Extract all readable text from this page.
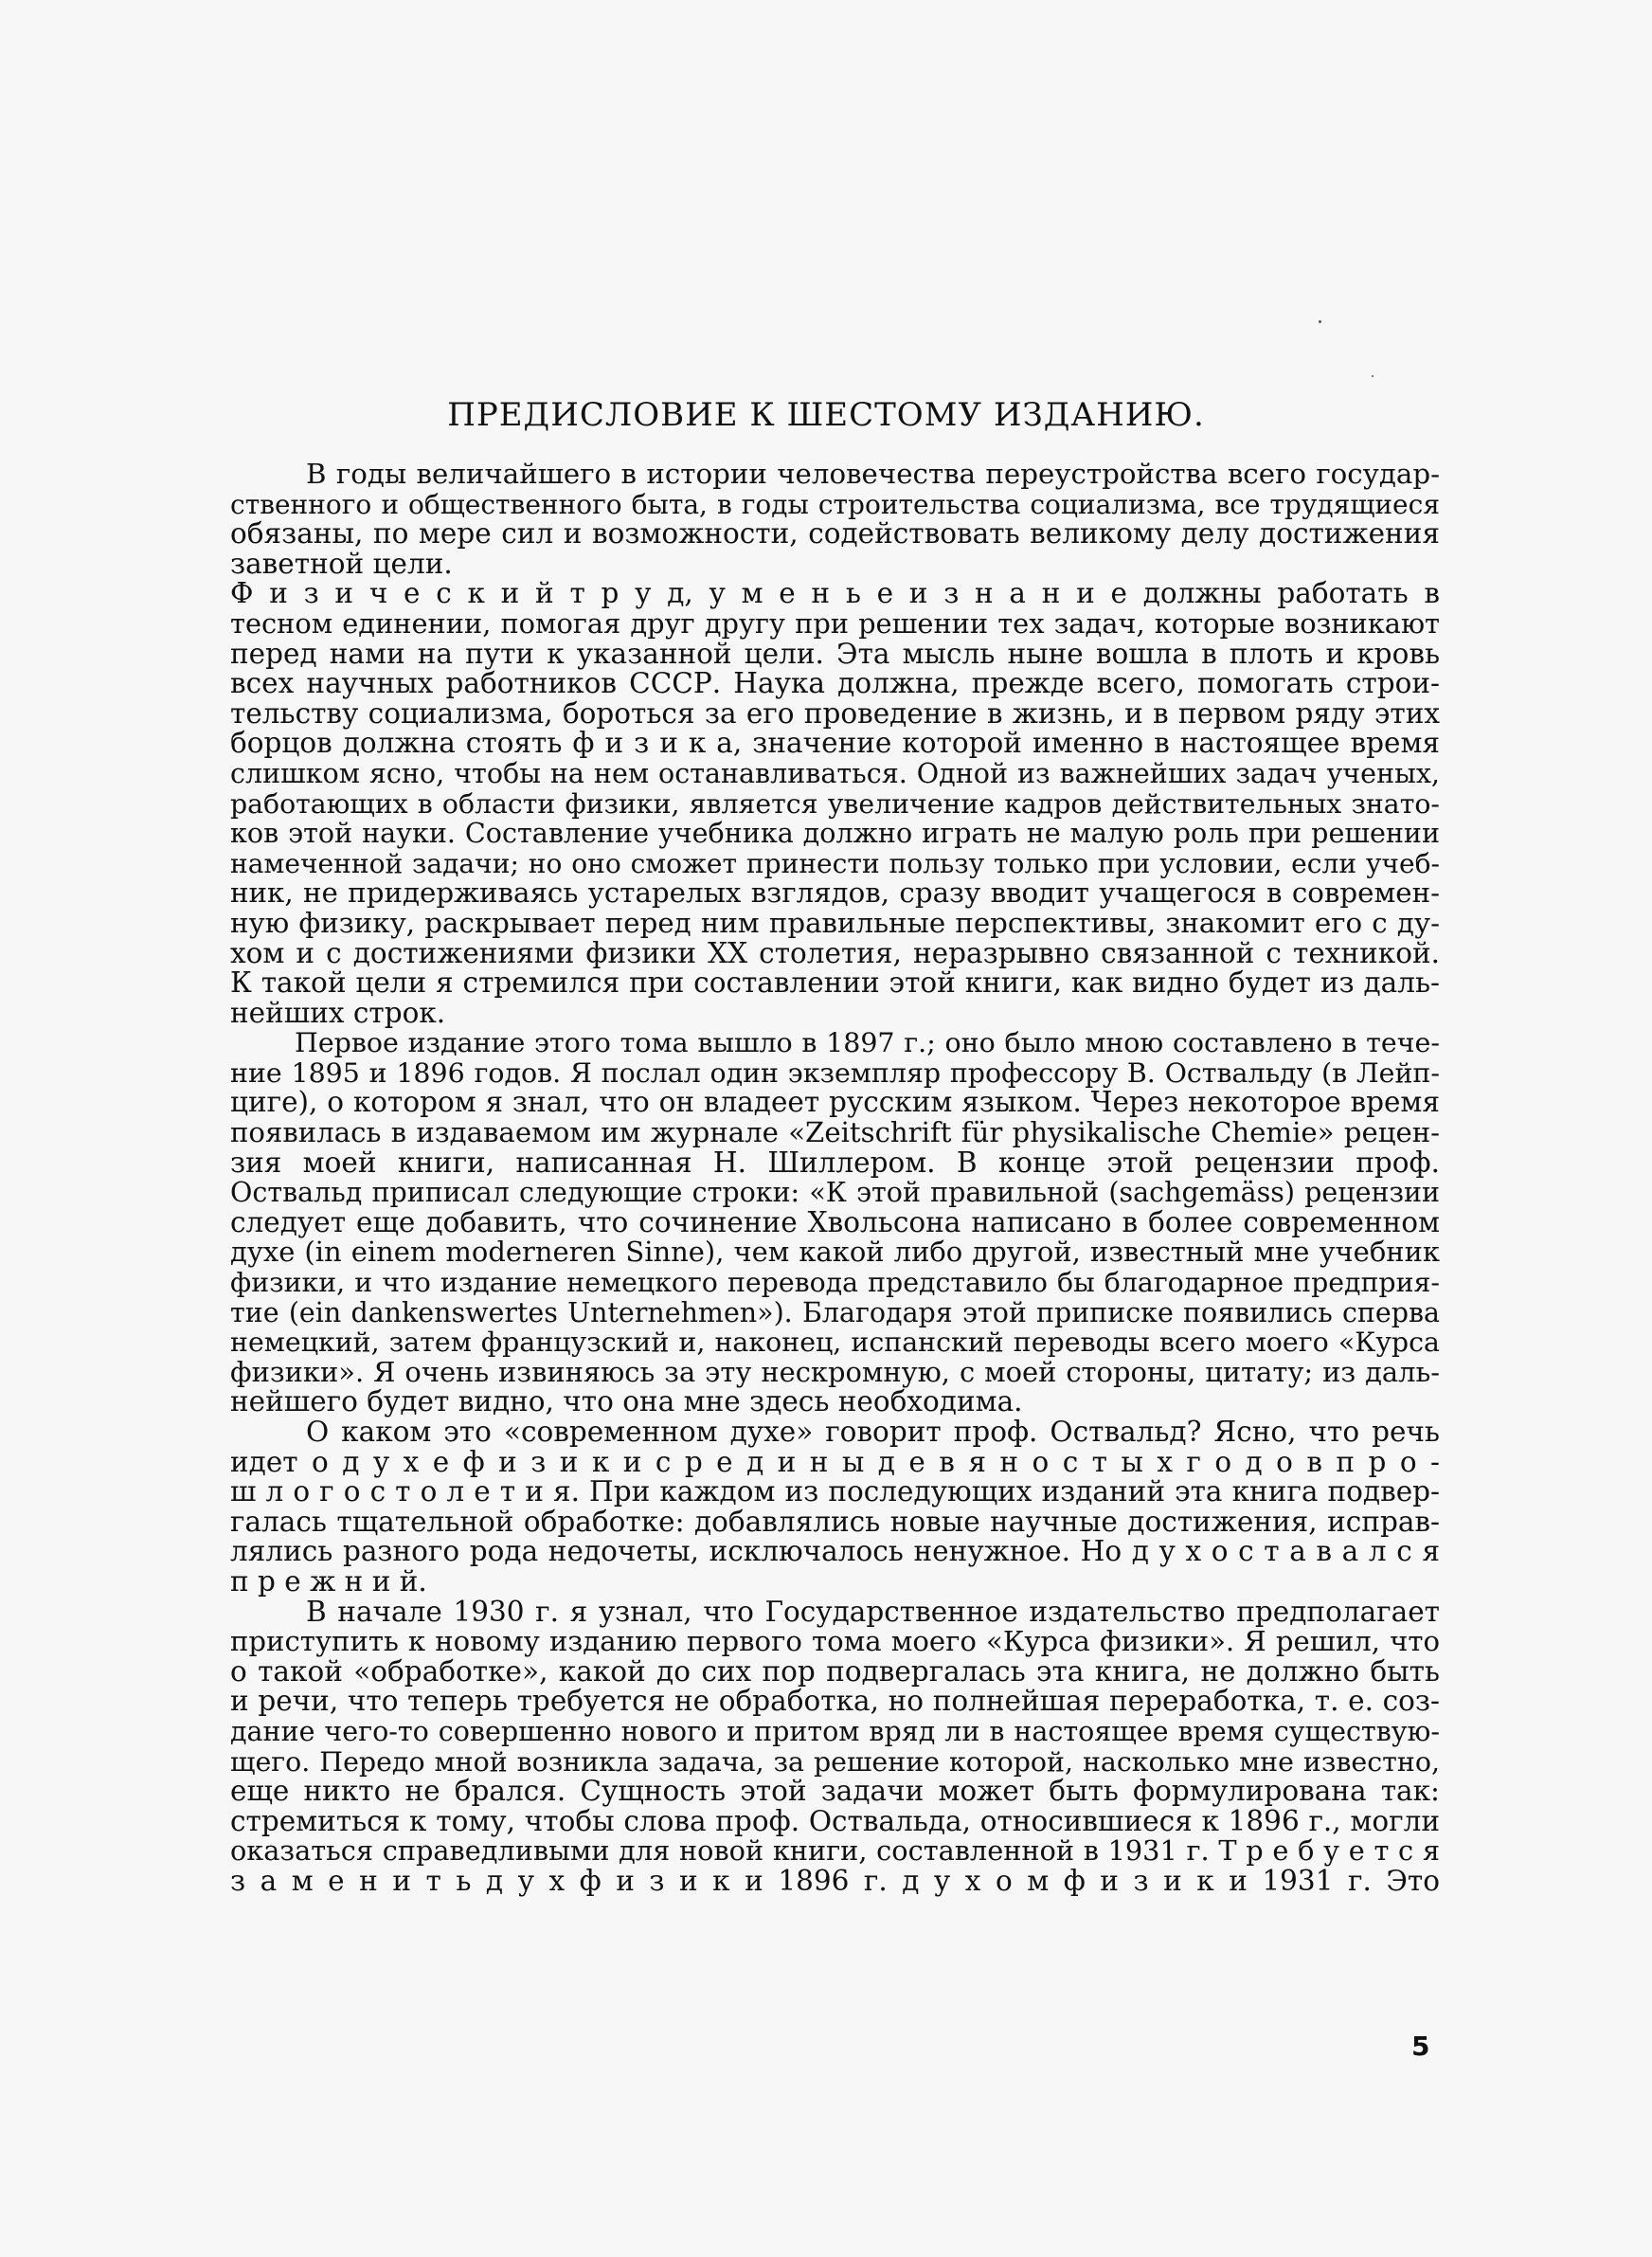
ПРЕДИСЛОВИЕ К ШЕСТОМУ ИЗДАНИЮ.
В годы величайшего в истории человечества переустройства всего государ-
ственного и общественного быта, в годы строительства социализма, все трудящиеся
обязаны, по мере сил и возможности, содействовать великому делу достижения
заветной цели.
Ф и з и ч е с к и й т р у д, у м е н ь е и з н а н и е должны работать в
тесном единении, помогая друг другу при решении тех задач, которые возникают
перед нами на пути к указанной цели. Эта мысль ныне вошла в плоть и кровь
всех научных работников СССР. Наука должна, прежде всего, помогать строи-
тельству социализма, бороться за его проведение в жизнь, и в первом ряду этих
борцов должна стоять ф и з и к а, значение которой именно в настоящее время
слишком ясно, чтобы на нем останавливаться. Одной из важнейших задач ученых,
работающих в области физики, является увеличение кадров действительных знато-
ков этой науки. Составление учебника должно играть не малую роль при решении
намеченной задачи; но оно сможет принести пользу только при условии, если учеб-
ник, не придерживаясь устарелых взглядов, сразу вводит учащегося в современ-
ную физику, раскрывает перед ним правильные перспективы, знакомит его с ду-
хом и с достижениями физики XX столетия, неразрывно связанной с техникой.
К такой цели я стремился при составлении этой книги, как видно будет из даль-
нейших строк.
Первое издание этого тома вышло в 1897 г.; оно было мною составлено в тече-
ние 1895 и 1896 годов. Я послал один экземпляр профессору В. Оствальду (в Лейп-
циге), о котором я знал, что он владеет русским языком. Через некоторое время
появилась в издаваемом им журнале «Zeitschrift für physikalische Chemie» рецен-
зия моей книги, написанная Н. Шиллером. В конце этой рецензии проф.
Оствальд приписал следующие строки: «К этой правильной (sachgemäss) рецензии
следует еще добавить, что сочинение Хвольсона написано в более современном
духе (in einem moderneren Sinne), чем какой либо другой, известный мне учебник
физики, и что издание немецкого перевода представило бы благодарное предприя-
тие (ein dankenswertes Unternehmen»). Благодаря этой приписке появились сперва
немецкий, затем французский и, наконец, испанский переводы всего моего «Курса
физики». Я очень извиняюсь за эту нескромную, с моей стороны, цитату; из даль-
нейшего будет видно, что она мне здесь необходима.
О каком это «современном духе» говорит проф. Оствальд? Ясно, что речь
идет о д у х е ф и з и к и с р е д и н ы д е в я н о с т ы х г о д о в п р о -
ш л о г о с т о л е т и я. При каждом из последующих изданий эта книга подвер-
галась тщательной обработке: добавлялись новые научные достижения, исправ-
лялись разного рода недочеты, исключалось ненужное. Но д у х о с т а в а л с я
п р е ж н и й.
В начале 1930 г. я узнал, что Государственное издательство предполагает
приступить к новому изданию первого тома моего «Курса физики». Я решил, что
о такой «обработке», какой до сих пор подвергалась эта книга, не должно быть
и речи, что теперь требуется не обработка, но полнейшая переработка, т. е. соз-
дание чего-то совершенно нового и притом вряд ли в настоящее время существую-
щего. Передо мной возникла задача, за решение которой, насколько мне известно,
еще никто не брался. Сущность этой задачи может быть формулирована так:
стремиться к тому, чтобы слова проф. Оствальда, относившиеся к 1896 г., могли
оказаться справедливыми для новой книги, составленной в 1931 г. Т р е б у е т с я
з а м е н и т ь д у х ф и з и к и 1896 г. д у х о м ф и з и к и 1931 г. Это
5
